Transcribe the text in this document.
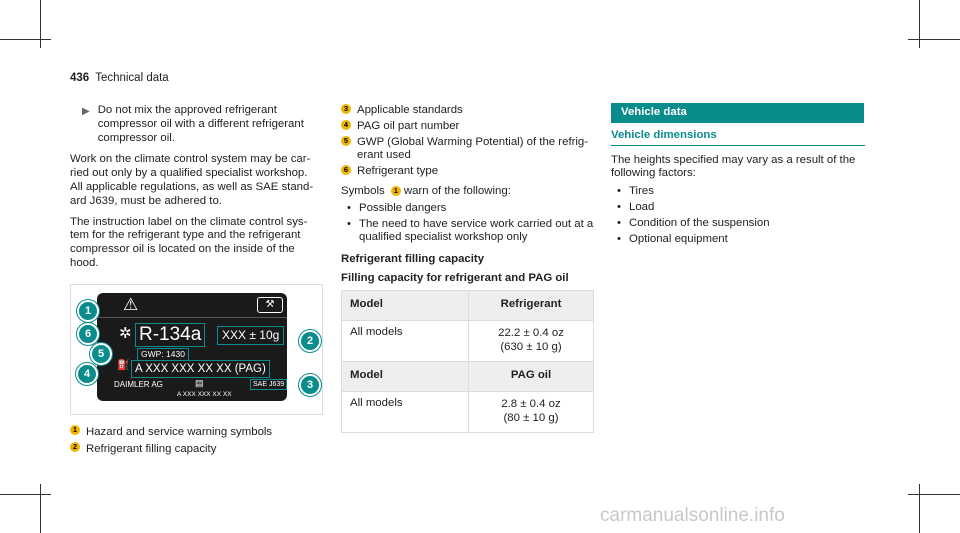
436 Technical data
▶ Do not mix the approved refrigerant compressor oil with a different refrigerant compressor oil.

Work on the climate control system may be carried out only by a qualified specialist workshop. All applicable regulations, as well as SAE standard J639, must be adhered to.

The instruction label on the climate control system for the refrigerant type and the refrigerant compressor oil is located on the inside of the hood.

⚠	⚒
✲ R-134a	XXX ± 10g
GWP: 1430
⛽ A XXX XXX XX XX (PAG)
DAIMLER AG	▤	SAE J639
A XXX XXX XX XX
1
6
5
4
2
3
1 Hazard and service warning symbols
2 Refrigerant filling capacity
3 Applicable standards
4 PAG oil part number
5 GWP (Global Warming Potential) of the refrigerant used
6 Refrigerant type
Symbols 1 warn of the following:
• Possible dangers
• The need to have service work carried out at a qualified specialist workshop only
Refrigerant filling capacity
Filling capacity for refrigerant and PAG oil
Model	Refrigerant
All models	22.2 ± 0.4 oz
(630 ± 10 g)

Model	PAG oil
All models	2.8 ± 0.4 oz
(80 ± 10 g)
Vehicle data
Vehicle dimensions

The heights specified may vary as a result of the following factors:

• Tires
• Load
• Condition of the suspension
• Optional equipment
carmanualsonline.info
